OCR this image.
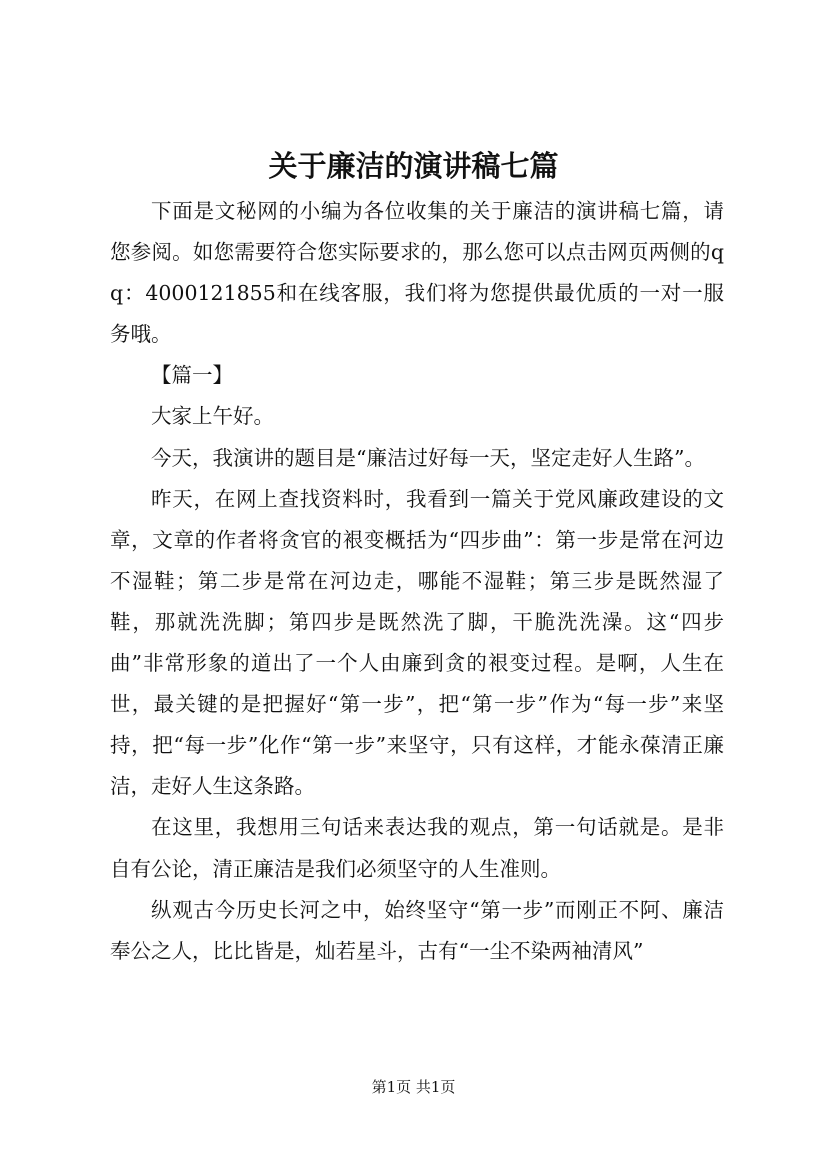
关于廉洁的演讲稿七篇

下面是文秘网的小编为各位收集的关于廉洁的演讲稿七篇，请您参阅。如您需要符合您实际要求的，那么您可以点击网页两侧的qq：4000121855和在线客服，我们将为您提供最优质的一对一服务哦。

【篇一】

大家上午好。

今天，我演讲的题目是“廉洁过好每一天，坚定走好人生路”。

昨天，在网上查找资料时，我看到一篇关于党风廉政建设的文章，文章的作者将贪官的裉变概括为“四步曲”：第一步是常在河边不湿鞋；第二步是常在河边走，哪能不湿鞋；第三步是既然湿了鞋，那就洗洗脚；第四步是既然洗了脚，干脆洗洗澡。这“四步曲”非常形象的道出了一个人由廉到贪的裉变过程。是啊，人生在世，最关键的是把握好“第一步”，把“第一步”作为“每一步”来坚持，把“每一步”化作“第一步”来坚守，只有这样，才能永葆清正廉洁，走好人生这条路。

在这里，我想用三句话来表达我的观点，第一句话就是。是非自有公论，清正廉洁是我们必须坚守的人生准则。

纵观古今历史长河之中，始终坚守“第一步”而刚正不阿、廉洁奉公之人，比比皆是，灿若星斗，古有“一尘不染两袖清风”

第1页 共1页
